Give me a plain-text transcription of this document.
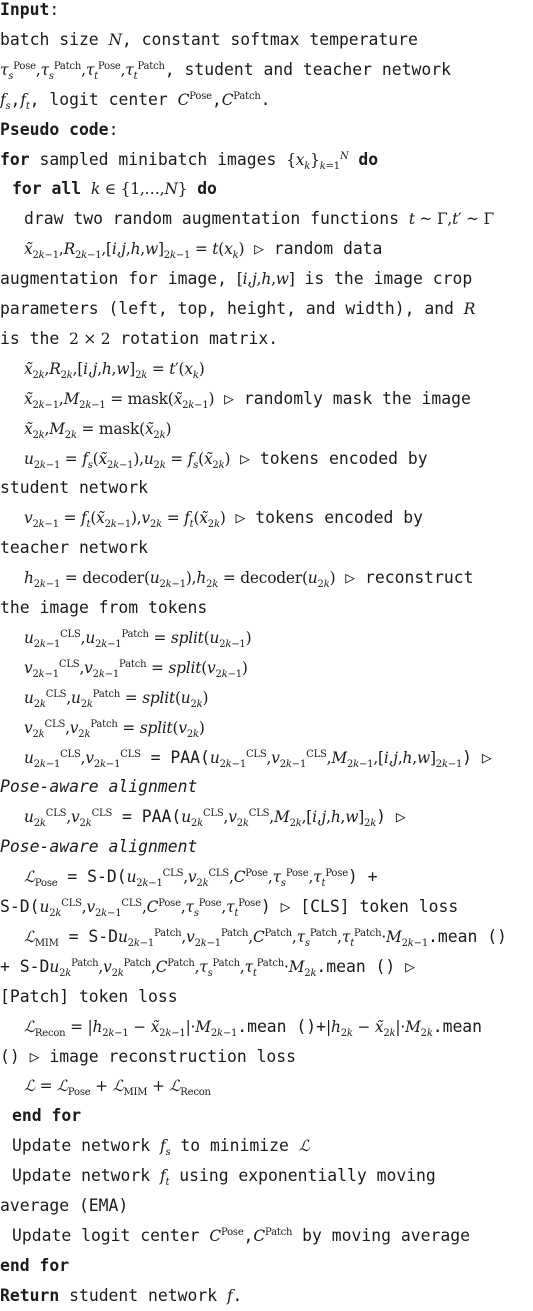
Input:
batch size N, constant softmax temperature
$\tau_s^{Pose},\tau_s^{Patch},\tau_t^{Pose},\tau_t^{Patch}$, student and teacher network
$f_s,f_t$, logit center $C^{Pose},C^{Patch}$.
Pseudo code:
for sampled minibatch images $\{x_k\}_{k=1}^N$ do
for all k ∈ {1,…,N} do
draw two random augmentation functions t ~ Γ,t′ ~ Γ
$x̃_{2k-1},R_{2k-1},[i,j,h,w]_{2k-1} = t(x_k)$ ▷ random data
augmentation for image, [i,j,h,w] is the image crop
parameters (left, top, height, and width), and R
is the 2 × 2 rotation matrix.
$x̃_{2k},R_{2k},[i,j,h,w]_{2k} = t'(x_k)$
$x̃_{2k-1},M_{2k-1}$ = $mask(x̃_{2k-1})$ ▷ randomly mask the image
$x̃_{2k},M_{2k}$ = $mask(x̃_{2k})$
$u_{2k-1}$ = $f_s(x̃_{2k-1}),u_{2k}$ = $f_s(x̃_{2k})$ ▷ tokens encoded by
student network
$v_{2k-1}$ = $f_t(x̃_{2k-1}),v_{2k}$ = $f_t(x̃_{2k})$ ▷ tokens encoded by
teacher network
$h_{2k-1}$ = $decoder(u_{2k-1}),h_{2k}$ = $decoder(u_{2k})$ ▷ reconstruct
the image from tokens
$u_{2k-1}^{CLS},u_{2k-1}^{Patch}$ = $split(u_{2k-1})$
$v_{2k-1}^{CLS},v_{2k-1}^{Patch}$ = $split(v_{2k-1})$
$u_{2k}^{CLS},u_{2k}^{Patch}$ = $split(u_{2k})$
$v_{2k}^{CLS},v_{2k}^{Patch}$ = $split(v_{2k})$
$u_{2k-1}^{CLS},v_{2k-1}^{CLS} = PAA(u_{2k-1}^{CLS},v_{2k-1}^{CLS},M_{2k-1},[i,j,h,w]_{2k-1})$ ▷
Pose-aware alignment
$u_{2k}^{CLS},v_{2k}^{CLS} = PAA(u_{2k}^{CLS},v_{2k}^{CLS},M_{2k},[i,j,h,w]_{2k})$ ▷
Pose-aware alignment
ℒ$_{Pose}$ = $S-D(u_{2k-1}^{CLS},v_{2k}^{CLS},C^{Pose},\tau_s^{Pose},\tau_t^{Pose})$ +
$S-D(u_{2k}^{CLS},v_{2k-1}^{CLS},C^{Pose},\tau_s^{Pose},\tau_t^{Pose})$ ▷ [CLS] token loss
ℒ$_{MIM}$ = $S-Du_{2k-1}^{Patch},v_{2k-1}^{Patch},C^{Patch},\tau_s^{Patch},\tau_t^{Patch}\cdot M_{2k-1}.mean$ ()
+ $S-Du_{2k}^{Patch},v_{2k}^{Patch},C^{Patch},\tau_s^{Patch},\tau_t^{Patch}\cdot M_{2k}.mean$ () ▷
[Patch] token loss
ℒ$_{Recon}$ = $|h_{2k-1}$ − $x̃_{2k-1}|\cdot M_{2k-1}.mean$ $()+|h_{2k}$ − $x̃_{2k}|\cdot M_{2k}.mean$
() ▷ image reconstruction loss
ℒ = ℒ$_{Pose}$ + ℒ$_{MIM}$ + ℒ$_{Recon}$
end for
Update network $f_s$ to minimize ℒ
Update network $f_t$ using exponentially moving
average (EMA)
Update logit center $C^{Pose},C^{Patch}$ by moving average
end for
Return student network f.
